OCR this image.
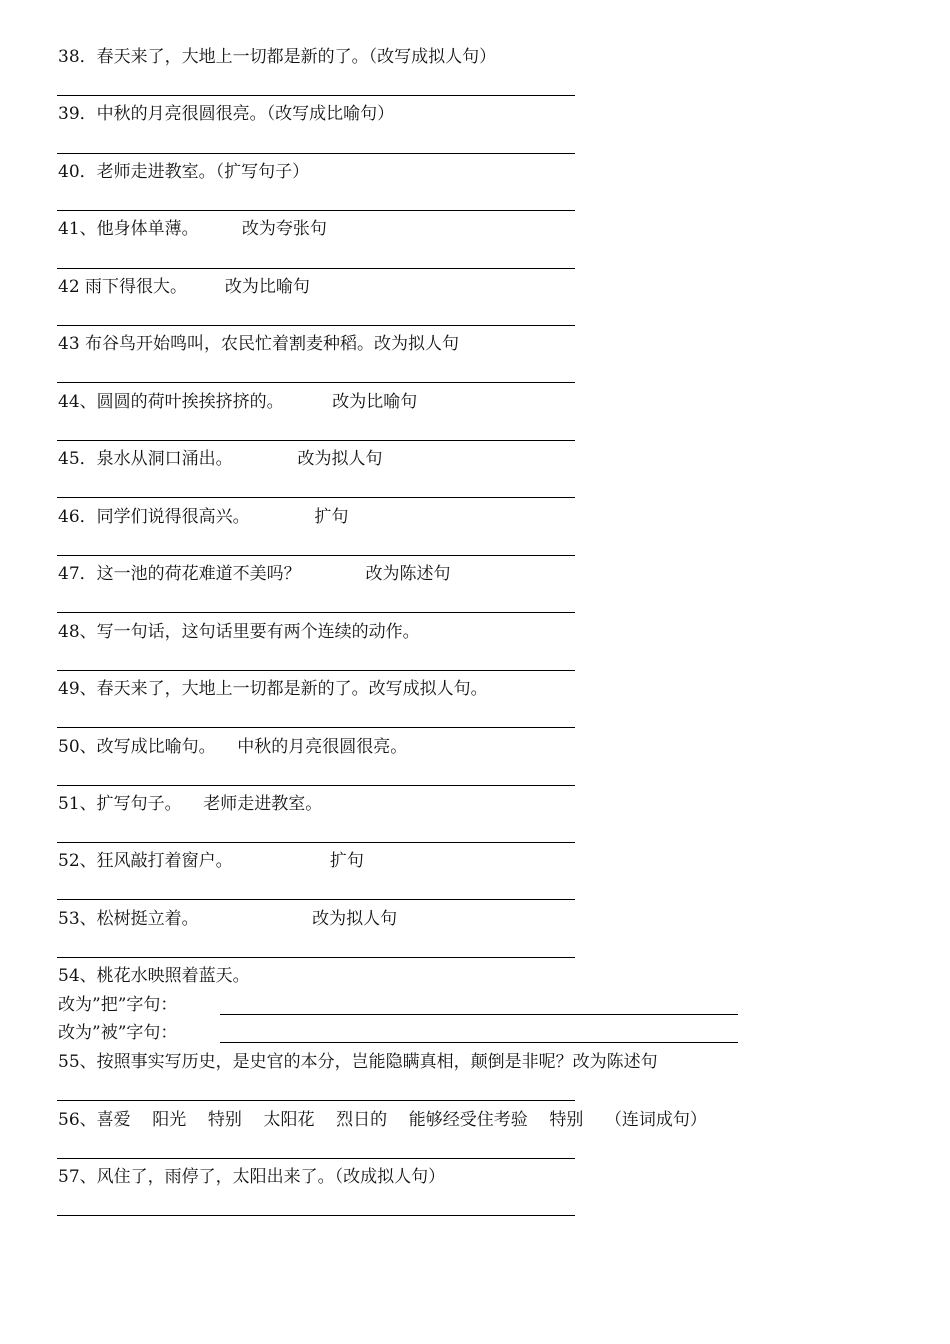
38．春天来了，大地上一切都是新的了。（改写成拟人句）
39．中秋的月亮很圆很亮。（改写成比喻句）
40．老师走进教室。（扩写句子）
41、他身体单薄。        改为夸张句
42 雨下得很大。       改为比喻句
43 布谷鸟开始鸣叫，农民忙着割麦种稻。改为拟人句
44、圆圆的荷叶挨挨挤挤的。         改为比喻句
45．泉水从洞口涌出。            改为拟人句
46．同学们说得很高兴。            扩句
47．这一池的荷花难道不美吗？            改为陈述句
48、写一句话，这句话里要有两个连续的动作。
49、春天来了，大地上一切都是新的了。改写成拟人句。
50、改写成比喻句。    中秋的月亮很圆很亮。
51、扩写句子。    老师走进教室。
52、狂风敲打着窗户。                  扩句
53、松树挺立着。                     改为拟人句
54、桃花水映照着蓝天。
改为”把”字句：
改为”被”字句：
55、按照事实写历史，是史官的本分，岂能隐瞒真相，颠倒是非呢？改为陈述句
56、喜爱    阳光    特别    太阳花    烈日的    能够经受住考验    特别    （连词成句）
57、风住了，雨停了，太阳出来了。（改成拟人句）
